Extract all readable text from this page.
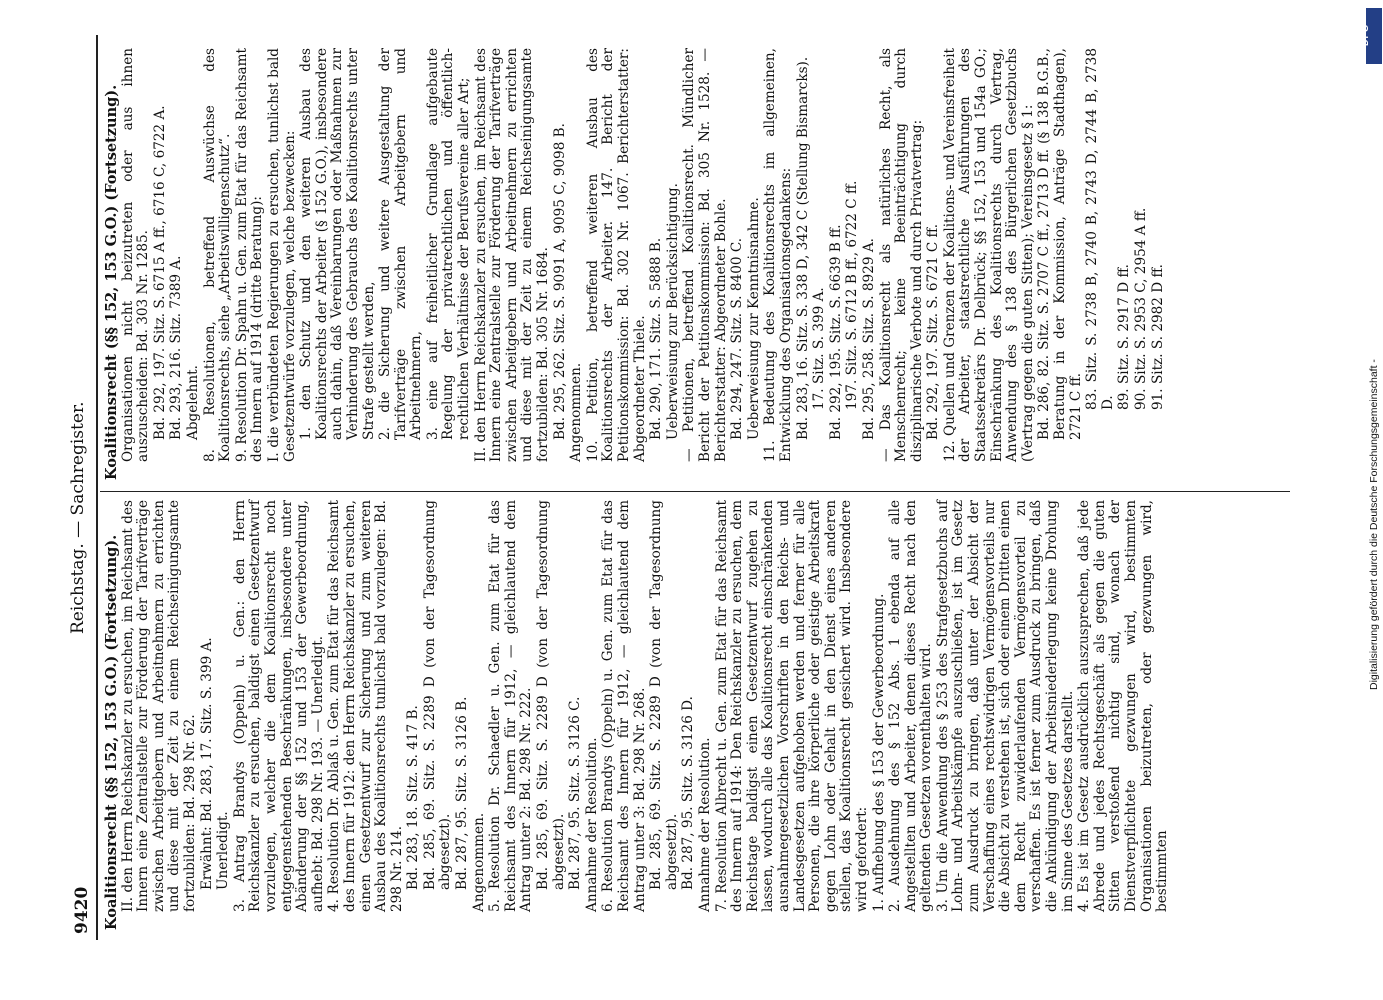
9420
Reichstag. — Sachregister.
Koalitionsrecht (§§ 152, 153 G.O.) (Fortsetzung). II. den Herrn Reichskanzler zu ersuchen, im Reichsamt des Innern eine Zentralstelle zur Förderung der Tarifverträge zwischen Arbeitgebern und Arbeitnehmern zu errichten und diese mit der Zeit zu einem Reichseinigungsamte fortzubilden: Bd. 298 Nr. 62. Erwähnt: Bd. 283, 17. Sitz. S. 399 A. Unerledigt. 3. Antrag Brandys (Oppeln) u. Gen.: den Herrn Reichskanzler zu ersuchen, baldigst einen Gesetzentwurf vorzulegen, welcher die dem Koalitionsrecht noch entgegenstehenden Beschränkungen, insbesondere unter Abänderung der §§ 152 und 153 der Gewerbeordnung, aufhebt: Bd. 298 Nr. 193. — Unerledigt. 4. Resolution Dr. Ablaß u. Gen. zum Etat für das Reichsamt des Innern für 1912: den Herrn Reichskanzler zu ersuchen, einen Gesetzentwurf zur Sicherung und zum weiteren Ausbau des Koalitionsrechts tunlichst bald vorzulegen: Bd. 298 Nr. 214. Bd. 283, 18. Sitz. S. 417 B. Bd. 285, 69. Sitz. S. 2289 D (von der Tagesordnung abgesetzt). Bd. 287, 95. Sitz. S. 3126 B. Angenommen. 5. Resolution Dr. Schaedler u. Gen. zum Etat für das Reichsamt des Innern für 1912, — gleichlautend dem Antrag unter 2: Bd. 298 Nr. 222. Bd. 285, 69. Sitz. S. 2289 D (von der Tagesordnung abgesetzt). Bd. 287, 95. Sitz. S. 3126 C. Annahme der Resolution. 6. Resolution Brandys (Oppeln) u. Gen. zum Etat für das Reichsamt des Innern für 1912, — gleichlautend dem Antrag unter 3: Bd. 298 Nr. 268. Bd. 285, 69. Sitz. S. 2289 D (von der Tagesordnung abgesetzt). Bd. 287, 95. Sitz. S. 3126 D. Annahme der Resolution. 7. Resolution Albrecht u. Gen. zum Etat für das Reichsamt des Innern auf 1914: Den Reichskanzler zu ersuchen, dem Reichstage baldigst einen Gesetzentwurf zugehen zu lassen, wodurch alle das Koalitionsrecht einschränkenden ausnahmegesetzlichen Vorschriften in den Reichs- und Landesgesetzen aufgehoben werden und ferner für alle Personen, die ihre körperliche oder geistige Arbeitskraft gegen Lohn oder Gehalt in den Dienst eines anderen stellen, das Koalitionsrecht gesichert wird. Insbesondere wird gefordert: 1. Aufhebung des § 153 der Gewerbeordnung. 2. Ausdehnung des § 152 Abs. 1 ebenda auf alle Angestellten und Arbeiter, denen dieses Recht nach den geltenden Gesetzen vorenthalten wird. 3. Um die Anwendung des § 253 des Strafgesetzbuchs auf Lohn- und Arbeitskämpfe auszuschließen, ist im Gesetz zum Ausdruck zu bringen, daß unter der Absicht der Verschaffung eines rechtswidrigen Vermögensvorteils nur die Absicht zu verstehen ist, sich oder einem Dritten einen dem Recht zuwiderlaufenden Vermögensvorteil zu verschaffen. Es ist ferner zum Ausdruck zu bringen, daß die Ankündigung der Arbeitsniederlegung keine Drohung im Sinne des Gesetzes darstellt. 4. Es ist im Gesetz ausdrücklich auszusprechen, daß jede Abrede und jedes Rechtsgeschäft als gegen die guten Sitten verstoßend nichtig sind, wonach der Dienstverpflichtete gezwungen wird, bestimmten Organisationen beizutreten, oder gezwungen wird, bestimmten
Koalitionsrecht (§§ 152, 153 G.O.) (Fortsetzung). Organisationen nicht beizutreten oder aus ihnen auszuscheiden: Bd. 303 Nr. 1285. Bd. 292, 197. Sitz. S. 6715 A ff., 6716 C, 6722 A. Bd. 293, 216. Sitz. 7389 A. Abgelehnt. 8. Resolutionen, betreffend Auswüchse des Koalitionsrechts, siehe „Arbeitswilligenschutz“. 9. Resolution Dr. Spahn u. Gen. zum Etat für das Reichsamt des Innern auf 1914 (dritte Beratung): I. die verbündeten Regierungen zu ersuchen, tunlichst bald Gesetzentwürfe vorzulegen, welche bezwecken: 1. den Schutz und den weiteren Ausbau des Koalitionsrechts der Arbeiter (§ 152 G.O.), insbesondere auch dahin, daß Vereinbarungen oder Maßnahmen zur Verhinderung des Gebrauchs des Koalitionsrechts unter Strafe gestellt werden, 2. die Sicherung und weitere Ausgestaltung der Tarifverträge zwischen Arbeitgebern und Arbeitnehmern, 3. eine auf freiheitlicher Grundlage aufgebaute Regelung der privatrechtlichen und öffentlich-rechtlichen Verhältnisse der Berufsvereine aller Art; II. den Herrn Reichskanzler zu ersuchen, im Reichsamt des Innern eine Zentralstelle zur Förderung der Tarifverträge zwischen Arbeitgebern und Arbeitnehmern zu errichten und diese mit der Zeit zu einem Reichseinigungsamte fortzubilden: Bd. 305 Nr. 1684. Bd. 295, 262. Sitz. S. 9091 A, 9095 C, 9098 B. Angenommen. 10. Petition, betreffend weiteren Ausbau des Koalitionsrechts der Arbeiter. 147. Bericht der Petitionskommission: Bd. 302 Nr. 1067. Berichterstatter: Abgeordneter Thiele. Bd. 290, 171. Sitz. S. 5888 B. Ueberweisung zur Berücksichtigung. — Petitionen, betreffend Koalitionsrecht. Mündlicher Bericht der Petitionskommission: Bd. 305 Nr. 1528. — Berichterstatter: Abgeordneter Bohle. Bd. 294, 247. Sitz. S. 8400 C. Ueberweisung zur Kenntnisnahme. 11. Bedeutung des Koalitionsrechts im allgemeinen, Entwicklung des Organisationsgedankens: Bd. 283, 16. Sitz. S. 338 D, 342 C (Stellung Bismarcks). 17. Sitz. S. 399 A. Bd. 292, 195. Sitz. S. 6639 B ff. 197. Sitz. S. 6712 B ff., 6722 C ff. Bd. 295, 258. Sitz. S. 8929 A. — Das Koalitionsrecht als natürliches Recht, als Menschenrecht; keine Beeinträchtigung durch disziplinarische Verbote und durch Privatvertrag: Bd. 292, 197. Sitz. S. 6721 C ff. 12. Quellen und Grenzen der Koalitions- und Vereinsfreiheit der Arbeiter, staatsrechtliche Ausführungen des Staatssekretärs Dr. Delbrück; §§ 152, 153 und 154a GO.; Einschränkung des Koalitionsrechts durch Vertrag, Anwendung des § 138 des Bürgerlichen Gesetzbuchs (Vertrag gegen die guten Sitten); Vereinsgesetz § 1: Bd. 286, 82. Sitz. S. 2707 C ff., 2713 D ff. (§ 138 B.G.B., Beratung in der Kommission, Anträge Stadthagen), 2721 C ff. 83. Sitz. S. 2738 B, 2740 B, 2743 D, 2744 B, 2738 D. 89. Sitz. S. 2917 D ff. 90. Sitz. S. 2953 C, 2954 A ff. 91. Sitz. S. 2982 D ff.
DFG
Digitalisierung gefördert durch die Deutsche Forschungsgemeinschaft -
